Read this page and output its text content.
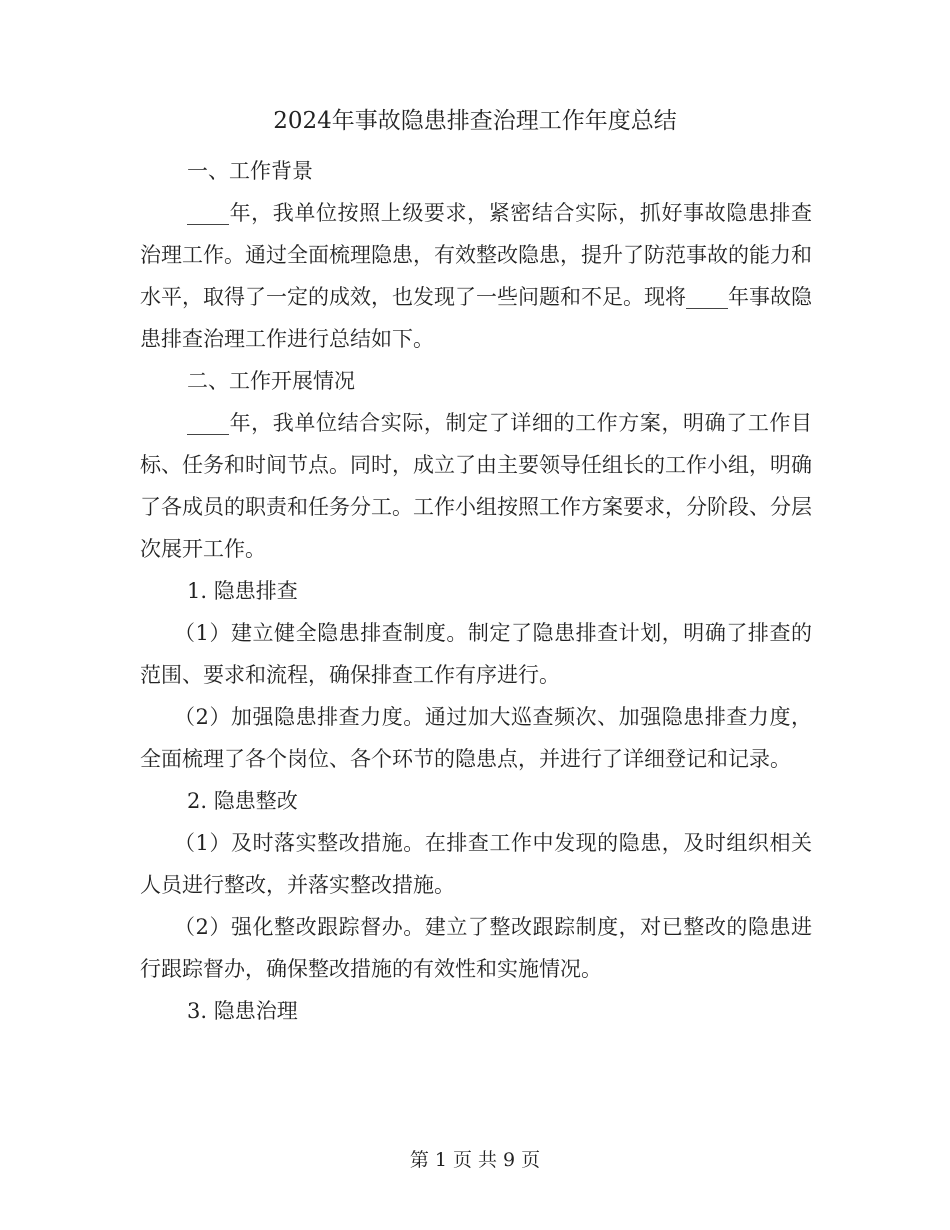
2024年事故隐患排查治理工作年度总结

一、工作背景

____年，我单位按照上级要求，紧密结合实际，抓好事故隐患排查治理工作。通过全面梳理隐患，有效整改隐患，提升了防范事故的能力和水平，取得了一定的成效，也发现了一些问题和不足。现将____年事故隐患排查治理工作进行总结如下。

二、工作开展情况

____年，我单位结合实际，制定了详细的工作方案，明确了工作目标、任务和时间节点。同时，成立了由主要领导任组长的工作小组，明确了各成员的职责和任务分工。工作小组按照工作方案要求，分阶段、分层次展开工作。

1. 隐患排查

（1）建立健全隐患排查制度。制定了隐患排查计划，明确了排查的范围、要求和流程，确保排查工作有序进行。

（2）加强隐患排查力度。通过加大巡查频次、加强隐患排查力度，全面梳理了各个岗位、各个环节的隐患点，并进行了详细登记和记录。

2. 隐患整改

（1）及时落实整改措施。在排查工作中发现的隐患，及时组织相关人员进行整改，并落实整改措施。

（2）强化整改跟踪督办。建立了整改跟踪制度，对已整改的隐患进行跟踪督办，确保整改措施的有效性和实施情况。

3. 隐患治理

第 1 页 共 9 页
